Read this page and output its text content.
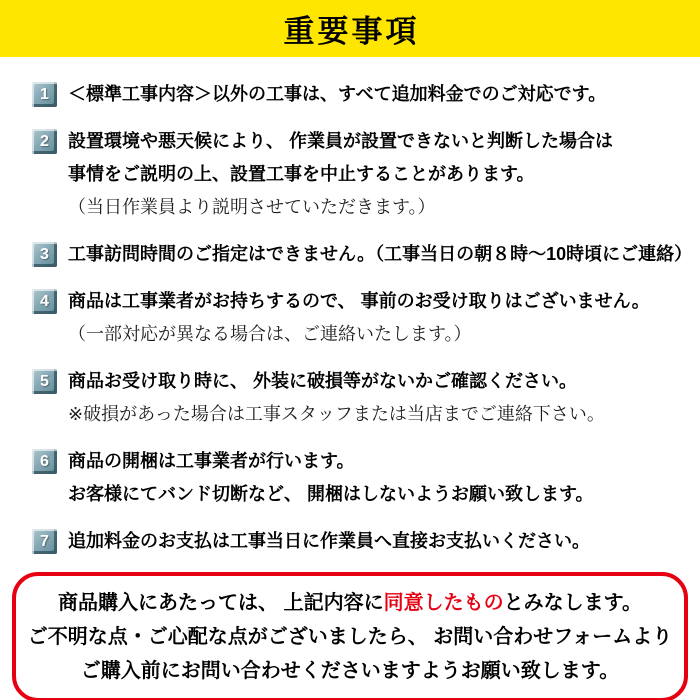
重要事項
1	＜標準工事内容＞以外の工事は、すべて追加料金でのご対応です。
2	設置環境や悪天候により、 作業員が設置できないと判断した場合は
事情をご説明の上、設置工事を中止することがあります。
（当日作業員より説明させていただきます。）
3	工事訪問時間のご指定はできません。（工事当日の朝８時～10時頃にご連絡）
4	商品は工事業者がお持ちするので、 事前のお受け取りはございません。
（一部対応が異なる場合は、ご連絡いたします。）
5	商品お受け取り時に、 外装に破損等がないかご確認ください。
※破損があった場合は工事スタッフまたは当店までご連絡下さい。
6	商品の開梱は工事業者が行います。
お客様にてバンド切断など、 開梱はしないようお願い致します。
7	追加料金のお支払は工事当日に作業員へ直接お支払いください。
商品購入にあたっては、 上記内容に同意したものとみなします。
ご不明な点・ご心配な点がございましたら、 お問い合わせフォームより
ご購入前にお問い合わせくださいますようお願い致します。
